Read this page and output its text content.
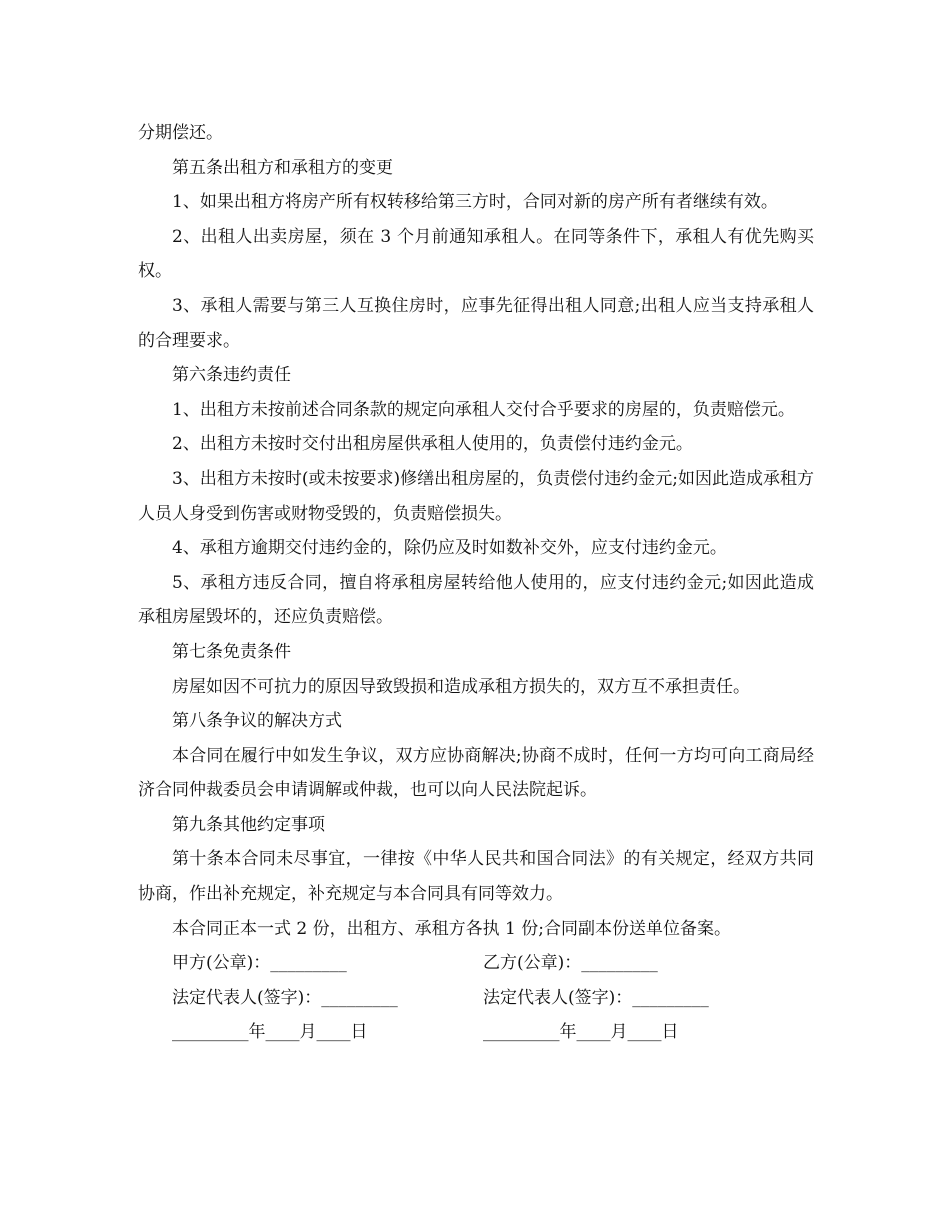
分期偿还。

第五条出租方和承租方的变更

1、如果出租方将房产所有权转移给第三方时，合同对新的房产所有者继续有效。

2、出租人出卖房屋，须在 3 个月前通知承租人。在同等条件下，承租人有优先购买权。

3、承租人需要与第三人互换住房时，应事先征得出租人同意;出租人应当支持承租人的合理要求。

第六条违约责任

1、出租方未按前述合同条款的规定向承租人交付合乎要求的房屋的，负责赔偿元。

2、出租方未按时交付出租房屋供承租人使用的，负责偿付违约金元。

3、出租方未按时(或未按要求)修缮出租房屋的，负责偿付违约金元;如因此造成承租方人员人身受到伤害或财物受毁的，负责赔偿损失。

4、承租方逾期交付违约金的，除仍应及时如数补交外，应支付违约金元。

5、承租方违反合同，擅自将承租房屋转给他人使用的，应支付违约金元;如因此造成承租房屋毁坏的，还应负责赔偿。

第七条免责条件

房屋如因不可抗力的原因导致毁损和造成承租方损失的，双方互不承担责任。

第八条争议的解决方式

本合同在履行中如发生争议，双方应协商解决;协商不成时，任何一方均可向工商局经济合同仲裁委员会申请调解或仲裁，也可以向人民法院起诉。

第九条其他约定事项

第十条本合同未尽事宜，一律按《中华人民共和国合同法》的有关规定，经双方共同协商，作出补充规定，补充规定与本合同具有同等效力。

本合同正本一式 2 份，出租方、承租方各执 1 份;合同副本份送单位备案。

甲方(公章)：_________	乙方(公章)：_________
法定代表人(签字)：_________	法定代表人(签字)：_________
_________年____月____日	_________年____月____日
